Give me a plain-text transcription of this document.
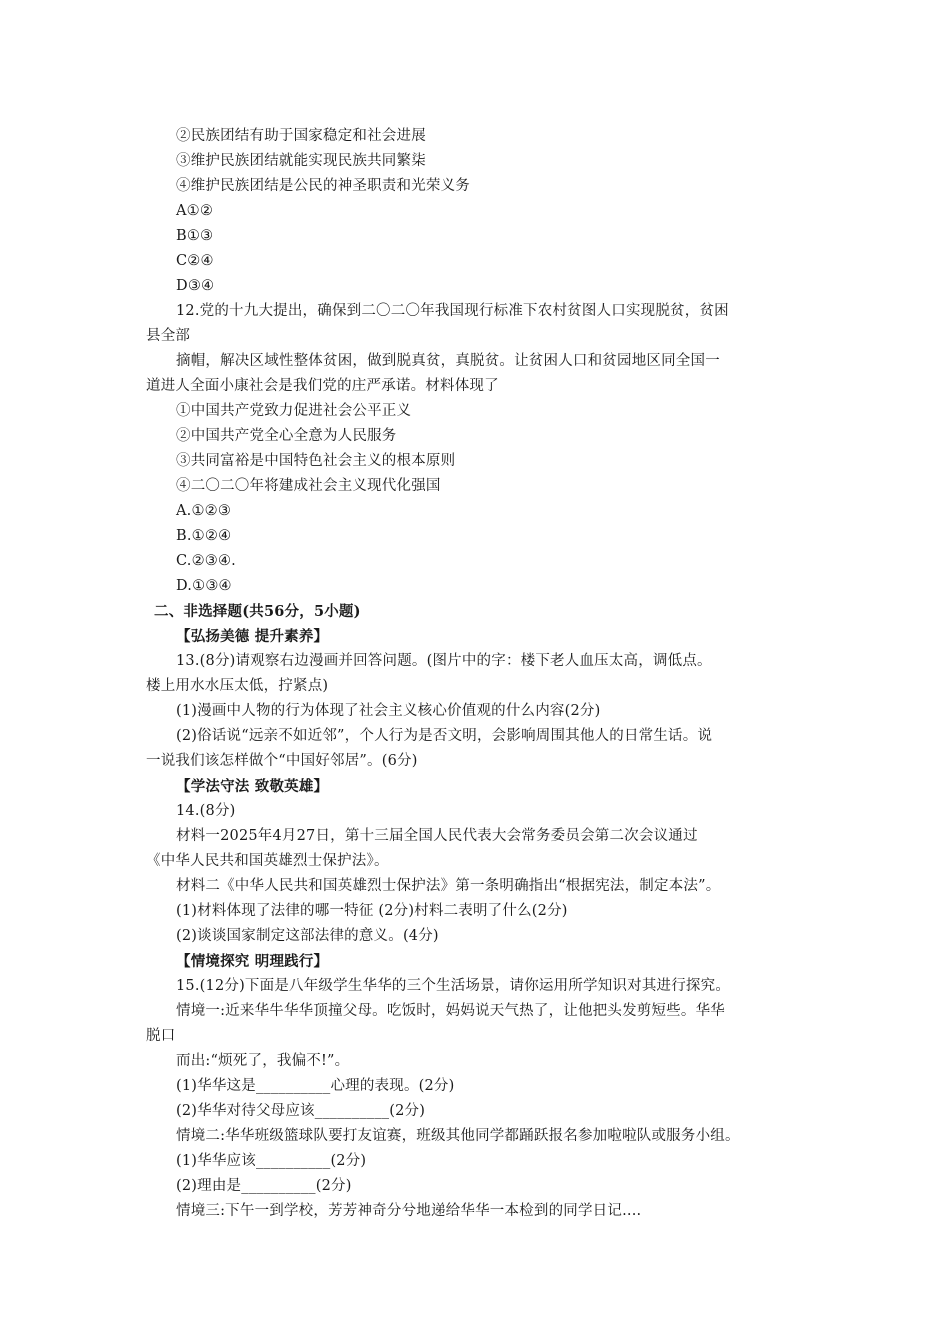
②民族团结有助于国家稳定和社会进展
③维护民族团结就能实现民族共同繁柒
④维护民族团结是公民的神圣职责和光荣义务
A①②
B①③
C②④
D③④
12.党的十九大提出，确保到二〇二〇年我国现行标准下农村贫图人口实现脱贫，贫困
县全部
摘帽，解决区域性整体贫困，做到脱真贫，真脱贫。让贫困人口和贫园地区同全国一
道进人全面小康社会是我们党的庄严承诺。材料体现了
①中国共产党致力促进社会公平正义
②中国共产党全心全意为人民服务
③共同富裕是中国特色社会主义的根本原则
④二〇二〇年将建成社会主义现代化强国
A.①②③
B.①②④
C.②③④.
D.①③④
二、非选择题(共56分，5小题)
【弘扬美德 提升素养】
13.(8分)请观察右边漫画并回答问题。(图片中的字：楼下老人血压太高，调低点。
楼上用水水压太低，拧紧点)
(1)漫画中人物的行为体现了社会主义核心价值观的什么内容(2分)
(2)俗话说“远亲不如近邻”，个人行为是否文明，会影响周围其他人的日常生话。说
一说我们该怎样做个“中国好邻居”。(6分)
【学法守法 致敬英雄】
14.(8分)
材料一2025年4月27日，第十三届全国人民代表大会常务委员会第二次会议通过
《中华人民共和国英雄烈士保护法》。
材料二《中华人民共和国英雄烈士保护法》第一条明确指出“根据宪法，制定本法”。
(1)材料体现了法律的哪一特征 (2分)村料二表明了什么(2分)
(2)谈谈国家制定这部法律的意义。(4分)
【情境探究 明理践行】
15.(12分)下面是八年级学生华华的三个生活场景，请你运用所学知识对其进行探究。
情境一:近来华牛华华顶撞父母。吃饭时，妈妈说天气热了，让他把头发剪短些。华华
脱口
而出:“烦死了，我偏不!”。
(1)华华这是__________心理的表现。(2分)
(2)华华对待父母应该__________(2分)
情境二:华华班级篮球队要打友谊赛，班级其他同学都踊跃报名参加啦啦队或服务小组。
(1)华华应该__________(2分)
(2)理由是__________(2分)
情境三:下午一到学校，芳芳神奇分兮地递给华华一本检到的同学日记....
